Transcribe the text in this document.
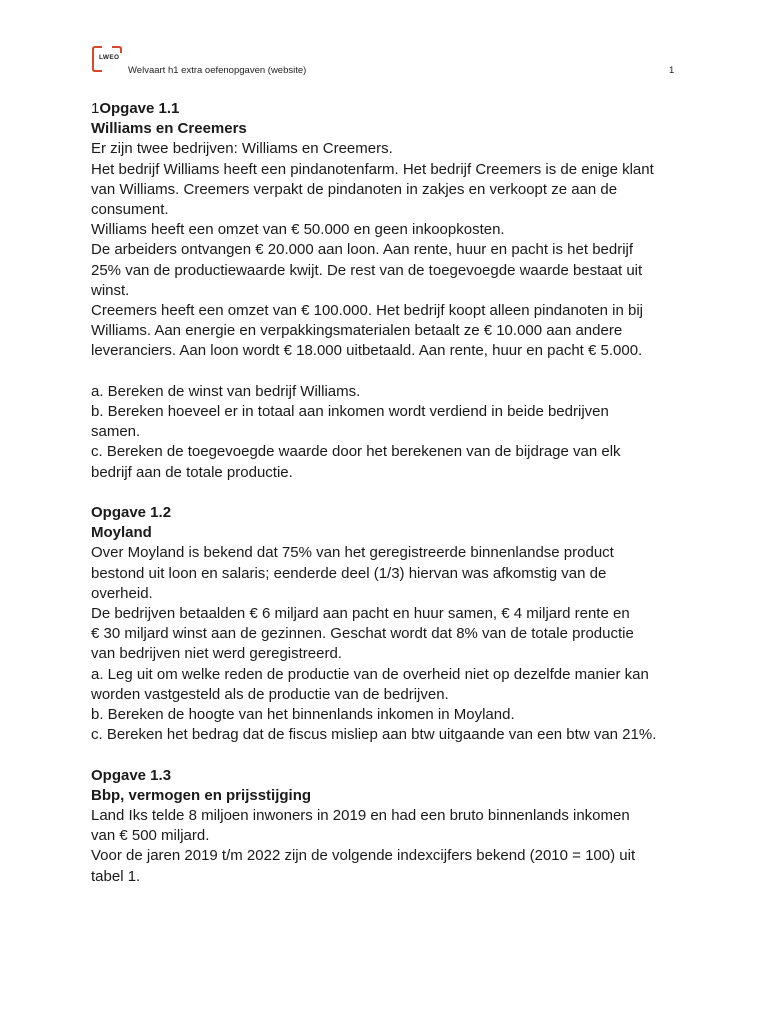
LWEO
Welvaart h1 extra oefenopgaven (website)	1

1Opgave 1.1

Williams en Creemers

Er zijn twee bedrijven: Williams en Creemers.

Het bedrijf Williams heeft een pindanotenfarm. Het bedrijf Creemers is de enige klant

van Williams. Creemers verpakt de pindanoten in zakjes en verkoopt ze aan de

consument.

Williams heeft een omzet van € 50.000 en geen inkoopkosten.

De arbeiders ontvangen € 20.000 aan loon. Aan rente, huur en pacht is het bedrijf

25% van de productiewaarde kwijt. De rest van de toegevoegde waarde bestaat uit

winst.

Creemers heeft een omzet van € 100.000. Het bedrijf koopt alleen pindanoten in bij

Williams. Aan energie en verpakkingsmaterialen betaalt ze € 10.000 aan andere

leveranciers. Aan loon wordt € 18.000 uitbetaald. Aan rente, huur en pacht € 5.000.

a. Bereken de winst van bedrijf Williams.

b. Bereken hoeveel er in totaal aan inkomen wordt verdiend in beide bedrijven

samen.

c. Bereken de toegevoegde waarde door het berekenen van de bijdrage van elk

bedrijf aan de totale productie.

Opgave 1.2

Moyland

Over Moyland is bekend dat 75% van het geregistreerde binnenlandse product

bestond uit loon en salaris; eenderde deel (1/3) hiervan was afkomstig van de

overheid.

De bedrijven betaalden € 6 miljard aan pacht en huur samen, € 4 miljard rente en

€ 30 miljard winst aan de gezinnen. Geschat wordt dat 8% van de totale productie

van bedrijven niet werd geregistreerd.

a. Leg uit om welke reden de productie van de overheid niet op dezelfde manier kan

worden vastgesteld als de productie van de bedrijven.

b. Bereken de hoogte van het binnenlands inkomen in Moyland.

c. Bereken het bedrag dat de fiscus misliep aan btw uitgaande van een btw van 21%.

Opgave 1.3

Bbp, vermogen en prijsstijging

Land Iks telde 8 miljoen inwoners in 2019 en had een bruto binnenlands inkomen

van € 500 miljard.

Voor de jaren 2019 t/m 2022 zijn de volgende indexcijfers bekend (2010 = 100) uit

tabel 1.
